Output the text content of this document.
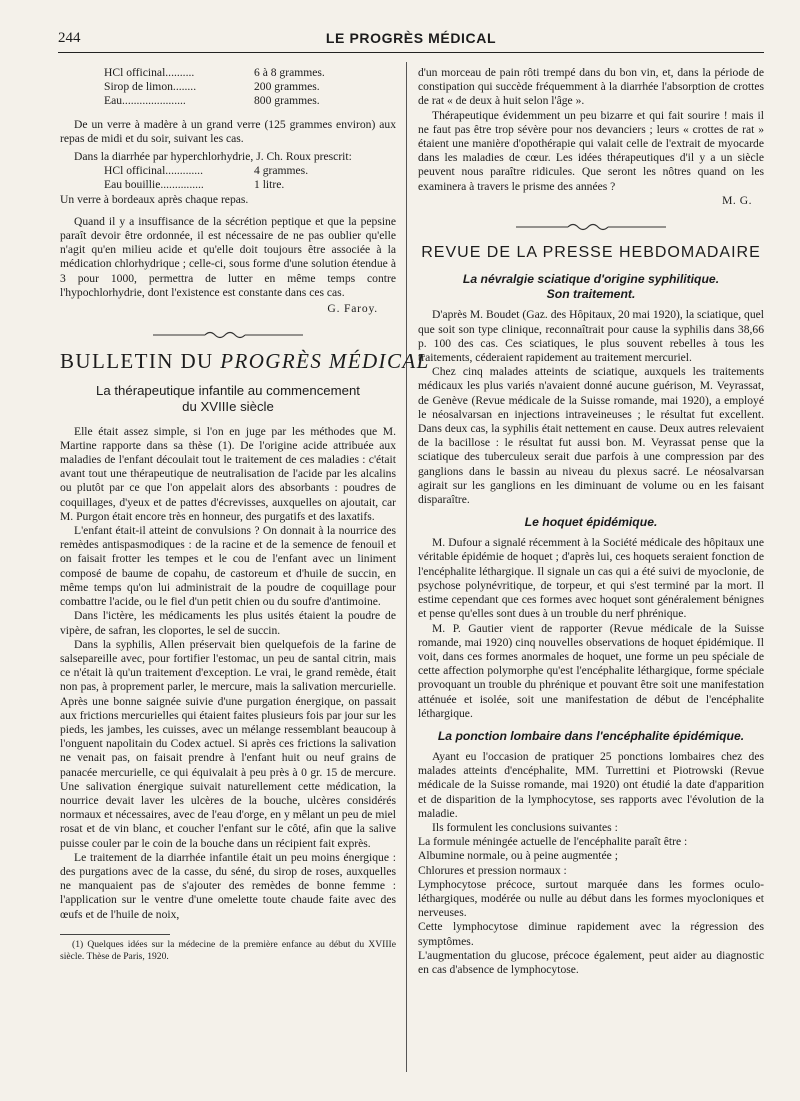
244	LE PROGRÈS MÉDICAL
HCl officinal..........	6 à 8 grammes.
Sirop de limon........	200 grammes.
Eau......................	800 grammes.

De un verre à madère à un grand verre (125 grammes environ) aux repas de midi et du soir, suivant les cas.

Dans la diarrhée par hyperchlorhydrie, J. Ch. Roux prescrit:

HCl officinal.............	4 grammes.
Eau bouillie...............	1 litre.

Un verre à bordeaux après chaque repas.

Quand il y a insuffisance de la sécrétion peptique et que la pepsine paraît devoir être ordonnée, il est nécessaire de ne pas oublier qu'elle n'agit qu'en milieu acide et qu'elle doit toujours être associée à la médication chlorhydrique ; celle-ci, sous forme d'une solution étendue à 3 pour 1000, permettra de lutter en même temps contre l'hypochlorhydrie, dont l'existence est constante dans ces cas.

G. Faroy.
BULLETIN DU PROGRÈS MÉDICAL
La thérapeutique infantile au commencement
du XVIIIe siècle

Elle était assez simple, si l'on en juge par les méthodes que M. Martine rapporte dans sa thèse (1). De l'origine acide attribuée aux maladies de l'enfant découlait tout le traitement de ces maladies : c'était avant tout une thérapeutique de neutralisation de l'acide par les alcalins ou plutôt par ce que l'on appelait alors des absorbants : poudres de coquillages, d'yeux et de pattes d'écrevisses, auxquelles on ajoutait, car M. Purgon était encore très en honneur, des purgatifs et des laxatifs.

L'enfant était-il atteint de convulsions ? On donnait à la nourrice des remèdes antispasmodiques : de la racine et de la semence de fenouil et on faisait frotter les tempes et le cou de l'enfant avec un liniment composé de baume de copahu, de castoreum et d'huile de succin, en même temps qu'on lui administrait de la poudre de coquillage pour combattre l'acide, ou le fiel d'un petit chien ou du soufre d'antimoine.

Dans l'ictère, les médicaments les plus usités étaient la poudre de vipère, de safran, les cloportes, le sel de succin.

Dans la syphilis, Allen préservait bien quelquefois de la farine de salsepareille avec, pour fortifier l'estomac, un peu de santal citrin, mais ce n'était là qu'un traitement d'exception. Le vrai, le grand remède, était non pas, à proprement parler, le mercure, mais la salivation mercurielle. Après une bonne saignée suivie d'une purgation énergique, on passait aux frictions mercurielles qui étaient faites plusieurs fois par jour sur les pieds, les jambes, les cuisses, avec un mélange ressemblant beaucoup à l'onguent napolitain du Codex actuel. Si après ces frictions la salivation ne venait pas, on faisait prendre à l'enfant huit ou neuf grains de panacée mercurielle, ce qui équivalait à peu près à 0 gr. 15 de mercure. Une salivation énergique suivait naturellement cette médication, la nourrice devait laver les ulcères de la bouche, ulcères considérés normaux et nécessaires, avec de l'eau d'orge, en y mêlant un peu de miel rosat et de vin blanc, et coucher l'enfant sur le côté, afin que la salive puisse couler par le coin de la bouche dans un récipient fait exprès.

Le traitement de la diarrhée infantile était un peu moins énergique : des purgations avec de la casse, du séné, du sirop de roses, auxquelles ne manquaient pas de s'ajouter des remèdes de bonne femme : l'application sur le ventre d'une omelette toute chaude faite avec des œufs et de l'huile de noix,

(1) Quelques idées sur la médecine de la première enfance au début du XVIIIe siècle. Thèse de Paris, 1920.

d'un morceau de pain rôti trempé dans du bon vin, et, dans la période de constipation qui succède fréquemment à la diarrhée l'absorption de crottes de rat « de deux à huit selon l'âge ».

Thérapeutique évidemment un peu bizarre et qui fait sourire ! mais il ne faut pas être trop sévère pour nos devanciers ; leurs « crottes de rat » étaient une manière d'opothérapie qui valait celle de l'extrait de myocarde dans les maladies de cœur. Les idées thérapeutiques d'il y a un siècle peuvent nous paraître ridicules. Que seront les nôtres quand on les examinera à travers le prisme des années ?

M. G.
REVUE DE LA PRESSE HEBDOMADAIRE
La névralgie sciatique d'origine syphilitique.
Son traitement.

D'après M. Boudet (Gaz. des Hôpitaux, 20 mai 1920), la sciatique, quel que soit son type clinique, reconnaîtrait pour cause la syphilis dans 38,66 p. 100 des cas. Ces sciatiques, le plus souvent rebelles à tous les traitements, céderaient rapidement au traitement mercuriel.

Chez cinq malades atteints de sciatique, auxquels les traitements médicaux les plus variés n'avaient donné aucune guérison, M. Veyrassat, de Genève (Revue médicale de la Suisse romande, mai 1920), a employé le néosalvarsan en injections intraveineuses ; le résultat fut excellent. Dans deux cas, la syphilis était nettement en cause. Deux autres relevaient de la bacillose : le résultat fut aussi bon. M. Veyrassat pense que la sciatique des tuberculeux serait due parfois à une compression par des ganglions dans le bassin au niveau du plexus sacré. Le néosalvarsan agirait sur les ganglions en les diminuant de volume ou en les faisant disparaître.

Le hoquet épidémique.

M. Dufour a signalé récemment à la Société médicale des hôpitaux une véritable épidémie de hoquet ; d'après lui, ces hoquets seraient fonction de l'encéphalite léthargique. Il signale un cas qui a été suivi de myoclonie, de psychose polynévritique, de torpeur, et qui s'est terminé par la mort. Il estime cependant que ces formes avec hoquet sont généralement bénignes et pense qu'elles sont dues à un trouble du nerf phrénique.

M. P. Gautier vient de rapporter (Revue médicale de la Suisse romande, mai 1920) cinq nouvelles observations de hoquet épidémique. Il voit, dans ces formes anormales de hoquet, une forme un peu spéciale de cette affection polymorphe qu'est l'encéphalite léthargique, forme spéciale provoquant un trouble du phrénique et pouvant être soit une manifestation atténuée et isolée, soit une manifestation de début de l'encéphalite léthargique.

La ponction lombaire dans l'encéphalite épidémique.

Ayant eu l'occasion de pratiquer 25 ponctions lombaires chez des malades atteints d'encéphalite, MM. Turrettini et Piotrowski (Revue médicale de la Suisse romande, mai 1920) ont étudié la date d'apparition et de disparition de la lymphocytose, ses rapports avec l'évolution de la maladie.

Ils formulent les conclusions suivantes :

La formule méningée actuelle de l'encéphalite paraît être :
Albumine normale, ou à peine augmentée ;
Chlorures et pression normaux :
Lymphocytose précoce, surtout marquée dans les formes oculo-léthargiques, modérée ou nulle au début dans les formes myocloniques et nerveuses.
Cette lymphocytose diminue rapidement avec la régression des symptômes.
L'augmentation du glucose, précoce également, peut aider au diagnostic en cas d'absence de lymphocytose.
